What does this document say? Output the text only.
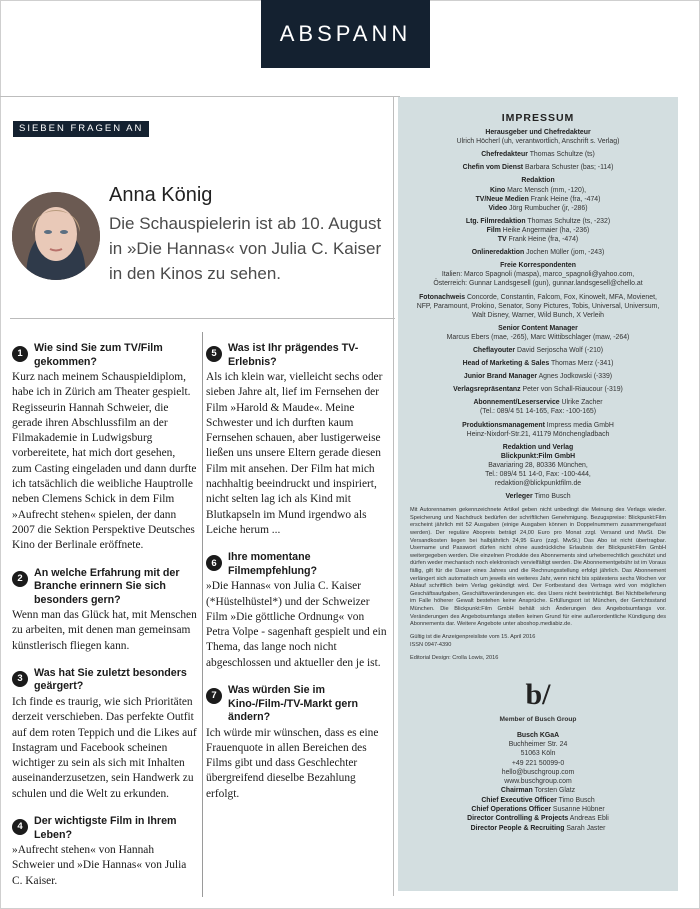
ABSPANN
SIEBEN FRAGEN AN
Anna König
Die Schauspielerin ist ab 10. August in »Die Hannas« von Julia C. Kaiser in den Kinos zu sehen.
1	Wie sind Sie zum TV/Film gekommen?
Kurz nach meinem Schauspieldiplom, habe ich in Zürich am Theater gespielt. Regisseurin Hannah Schweier, die gerade ihren Abschlussfilm an der Filmakademie in Ludwigsburg vorbereitete, hat mich dort gesehen, zum Casting eingeladen und dann durfte ich tatsächlich die weibliche Hauptrolle neben Clemens Schick in dem Film »Aufrecht stehen« spielen, der dann 2007 die Sektion Perspektive Deutsches Kino der Berlinale eröffnete.
2	An welche Erfahrung mit der Branche erinnern Sie sich besonders gern?
Wenn man das Glück hat, mit Menschen zu arbeiten, mit denen man gemeinsam künstlerisch fliegen kann.
3	Was hat Sie zuletzt besonders geärgert?
Ich finde es traurig, wie sich Prioritäten derzeit verschieben. Das perfekte Outfit auf dem roten Teppich und die Likes auf Instagram und Facebook scheinen wichtiger zu sein als sich mit Inhalten auseinanderzusetzen, sein Handwerk zu schulen und die Welt zu erkunden.
4	Der wichtigste Film in Ihrem Leben?
»Aufrecht stehen« von Hannah Schweier und »Die Hannas« von Julia C. Kaiser.
5	Was ist Ihr prägendes TV-Erlebnis?
Als ich klein war, vielleicht sechs oder sieben Jahre alt, lief im Fernsehen der Film »Harold & Maude«. Meine Schwester und ich durften kaum Fernsehen schauen, aber lustigerweise ließen uns unsere Eltern gerade diesen Film mit ansehen. Der Film hat mich nachhaltig beeindruckt und inspiriert, nicht selten lag ich als Kind mit Blutkapseln im Mund irgendwo als Leiche herum ...
6	Ihre momentane Filmempfehlung?
»Die Hannas« von Julia C. Kaiser (*Hüstelhüstel*) und der Schweizer Film »Die göttliche Ordnung« von Petra Volpe - sagenhaft gespielt und ein Thema, das lange noch nicht abgeschlossen und aktueller den je ist.
7	Was würden Sie im Kino-/Film-/TV-Markt gern ändern?
Ich würde mir wünschen, dass es eine Frauenquote in allen Bereichen des Films gibt und dass Geschlechter übergreifend dieselbe Bezahlung erfolgt.
IMPRESSUM
Herausgeber und Chefredakteur
Ulrich Höcherl (uh, verantwortlich, Anschrift s. Verlag)
Chefredakteur Thomas Schultze (ts)
Chefin vom Dienst Barbara Schuster (bas; -114)
Redaktion
Kino Marc Mensch (mm, -120),
TV/Neue Medien Frank Heine (fra, -474)
Video Jörg Rumbucher (jr, -286)
Ltg. Filmredaktion Thomas Schultze (ts, -232)
Film Heike Angermaier (ha, -236)
TV Frank Heine (fra, -474)
Onlineredaktion Jochen Müller (jom, -243)
Freie Korrespondenten
Italien: Marco Spagnoli (maspa), marco_spagnoli@yahoo.com,
Österreich: Gunnar Landsgesell (gun), gunnar.landsgesell@chello.at
Fotonachweis Concorde, Constantin, Falcom, Fox, Kinowelt, MFA, Movienet, NFP, Paramount, Prokino, Senator, Sony Pictures, Tobis, Universal, Universum, Walt Disney, Warner, Wild Bunch, X Verleih
Senior Content Manager
Marcus Ebers (mae, -265), Marc Wittibschlager (maw, -264)
Cheflayouter David Serjoscha Wolf (-210)
Head of Marketing & Sales Thomas Merz (-341)
Junior Brand Manager Agnes Jodkowski (-339)
Verlagsrepräsentanz Peter von Schall-Riaucour (-319)
Abonnement/Leserservice Ulrike Zacher
(Tel.: 089/4 51 14-165, Fax: -100-165)
Produktionsmanagement Impress media GmbH
Heinz-Nixdorf-Str.21, 41179 Mönchengladbach
Redaktion und Verlag
Blickpunkt:Film GmbH
Bavariaring 28, 80336 München,
Tel.: 089/4 51 14-0, Fax: -100-444,
redaktion@blickpunktfilm.de
Verleger Timo Busch
Mit Autorennamen gekennzeichnete Artikel geben nicht unbedingt die Meinung des Verlags wieder. Speicherung und Nachdruck bedürfen der schriftlichen Genehmigung. Bezugspreise: Blickpunkt:Film erscheint jährlich mit 52 Ausgaben (einige Ausgaben können in Doppelnummern zusammengefasst werden). Der reguläre Abopreis beträgt 24,00 Euro pro Monat zzgl. Versand und MwSt. Die Versandkosten liegen bei halbjährlich 24,95 Euro (zzgl. MwSt.) Das Abo ist nicht übertragbar. Username und Passwort dürfen nicht ohne ausdrückliche Erlaubnis der Blickpunkt:Film GmbH weitergegeben werden. Die einzelnen Produkte des Abonnements sind urheberrechtlich geschützt und dürfen weder mechanisch noch elektronisch vervielfältigt werden. Die Abonnementgebühr ist im Voraus fällig, gilt für die Dauer eines Jahres und die Rechnungsstellung erfolgt jährlich. Das Abonnement verlängert sich automatisch um jeweils ein weiteres Jahr, wenn nicht bis spätestens sechs Wochen vor Ablauf schriftlich beim Verlag gekündigt wird. Der Fortbestand des Vertrags wird von möglichen Geschäftsaufgaben, Geschäftsveränderungen etc. des Users nicht beeinträchtigt. Bei Nichtbelieferung im Falle höherer Gewalt bestehen keine Ansprüche. Erfüllungsort ist München, der Gerichtsstand München. Die Blickpunkt:Film GmbH behält sich Änderungen des Angebotsumfangs vor. Veränderungen des Angebotsumfangs stellen keinen Grund für eine außerordentliche Kündigung des Abonnements dar. Weitere Angebote unter aboshop.mediabiz.de.
Gültig ist die Anzeigenpreisliste vom 15. April 2016
ISSN 0947-4390
Editorial Design: Crolla Lowis, 2016
b/
Member of Busch Group
Busch KGaA
Buchheimer Str. 24
51063 Köln
+49 221 50099-0
hello@buschgroup.com
www.buschgroup.com
Chairman Torsten Glatz
Chief Executive Officer Timo Busch
Chief Operations Officer Susanne Hübner
Director Controlling & Projects Andreas Ebli
Director People & Recruiting Sarah Jaster
